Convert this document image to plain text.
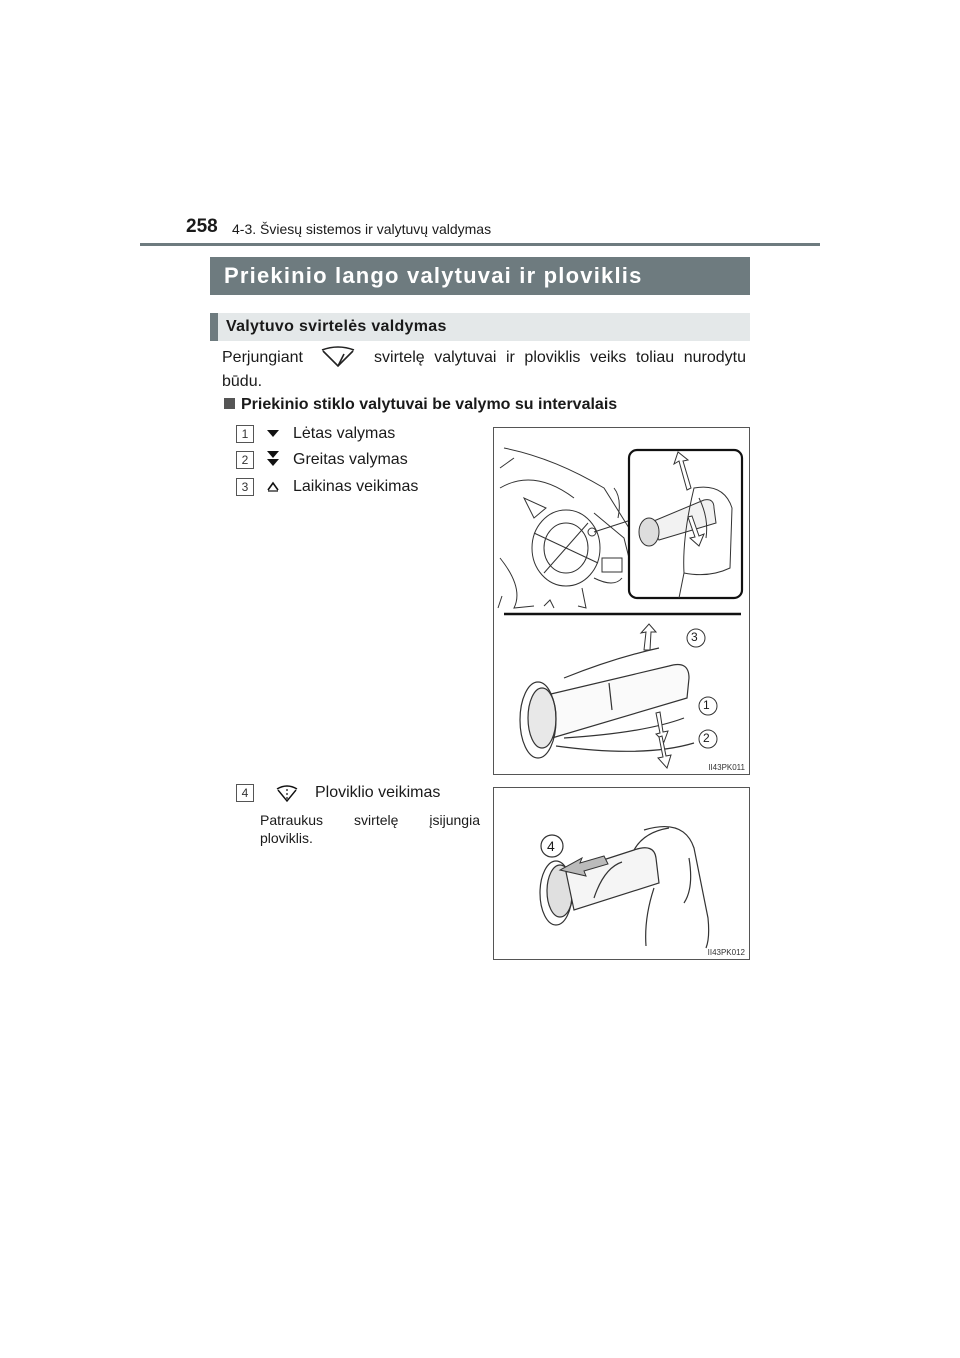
258 4-3. Šviesų sistemos ir valytuvų valdymas
Priekinio lango valytuvai ir ploviklis
Valytuvo svirtelės valdymas
Perjungiant	svirtelę valytuvai ir ploviklis veiks toliau nurodytu būdu.
Priekinio stiklo valytuvai be valymo su intervalais
1	Lėtas valymas
2	Greitas valymas
3	Laikinas veikimas
3
1
2
II43PK011
4	Ploviklio veikimas
Patraukus svirtelę įsijungia ploviklis.	4
II43PK012
